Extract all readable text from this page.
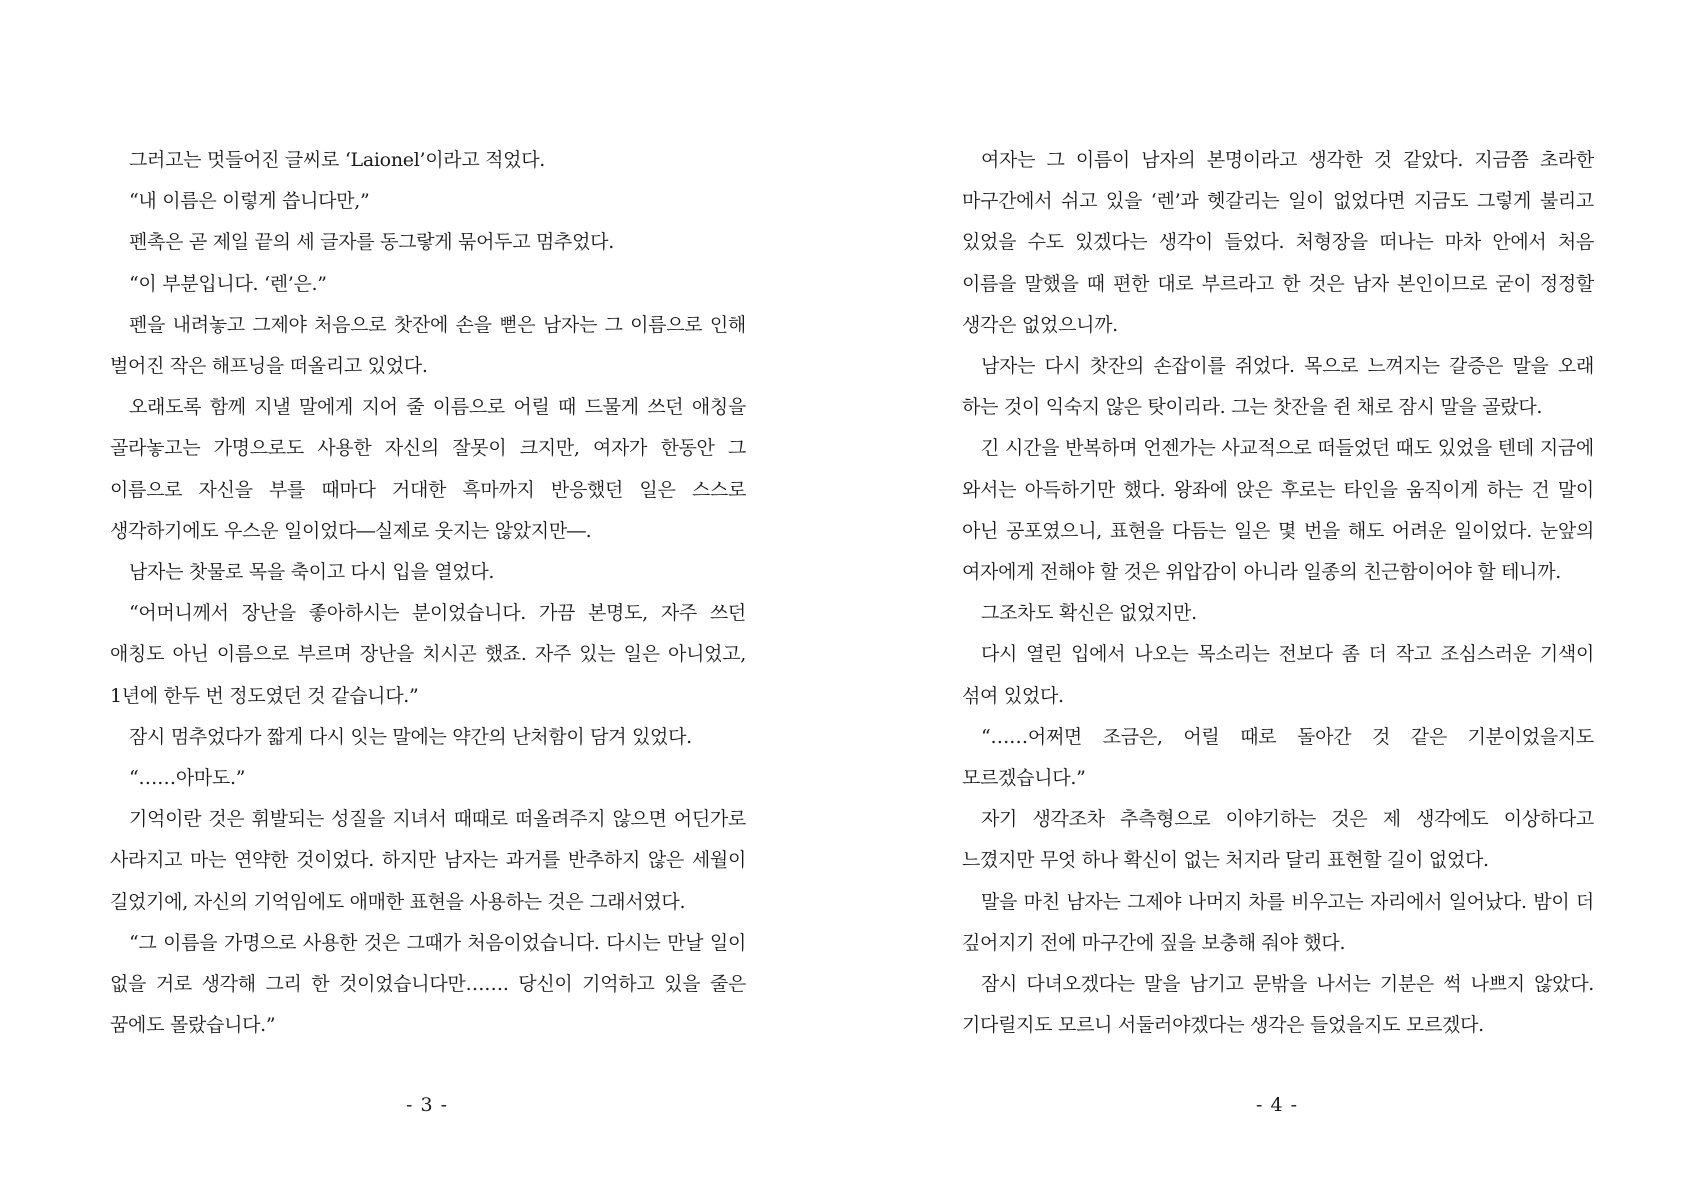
그러고는 멋들어진 글씨로 ‘Laionel’이라고 적었다.

“내 이름은 이렇게 씁니다만,”

펜촉은 곧 제일 끝의 세 글자를 동그랗게 묶어두고 멈추었다.

“이 부분입니다. ‘렌’은.”

펜을 내려놓고 그제야 처음으로 찻잔에 손을 뻗은 남자는 그 이름으로 인해 벌어진 작은 해프닝을 떠올리고 있었다.

오래도록 함께 지낼 말에게 지어 줄 이름으로 어릴 때 드물게 쓰던 애칭을 골라놓고는 가명으로도 사용한 자신의 잘못이 크지만, 여자가 한동안 그 이름으로 자신을 부를 때마다 거대한 흑마까지 반응했던 일은 스스로 생각하기에도 우스운 일이었다―실제로 웃지는 않았지만―.

남자는 찻물로 목을 축이고 다시 입을 열었다.

“어머니께서 장난을 좋아하시는 분이었습니다. 가끔 본명도, 자주 쓰던 애칭도 아닌 이름으로 부르며 장난을 치시곤 했죠. 자주 있는 일은 아니었고, 1년에 한두 번 정도였던 것 같습니다.”

잠시 멈추었다가 짧게 다시 잇는 말에는 약간의 난처함이 담겨 있었다.

“……아마도.”

기억이란 것은 휘발되는 성질을 지녀서 때때로 떠올려주지 않으면 어딘가로 사라지고 마는 연약한 것이었다. 하지만 남자는 과거를 반추하지 않은 세월이 길었기에, 자신의 기억임에도 애매한 표현을 사용하는 것은 그래서였다.

“그 이름을 가명으로 사용한 것은 그때가 처음이었습니다. 다시는 만날 일이 없을 거로 생각해 그리 한 것이었습니다만……. 당신이 기억하고 있을 줄은 꿈에도 몰랐습니다.”

- 3 -

여자는 그 이름이 남자의 본명이라고 생각한 것 같았다. 지금쯤 초라한 마구간에서 쉬고 있을 ‘렌’과 헷갈리는 일이 없었다면 지금도 그렇게 불리고 있었을 수도 있겠다는 생각이 들었다. 처형장을 떠나는 마차 안에서 처음 이름을 말했을 때 편한 대로 부르라고 한 것은 남자 본인이므로 굳이 정정할 생각은 없었으니까.

남자는 다시 찻잔의 손잡이를 쥐었다. 목으로 느껴지는 갈증은 말을 오래 하는 것이 익숙지 않은 탓이리라. 그는 찻잔을 쥔 채로 잠시 말을 골랐다.

긴 시간을 반복하며 언젠가는 사교적으로 떠들었던 때도 있었을 텐데 지금에 와서는 아득하기만 했다. 왕좌에 앉은 후로는 타인을 움직이게 하는 건 말이 아닌 공포였으니, 표현을 다듬는 일은 몇 번을 해도 어려운 일이었다. 눈앞의 여자에게 전해야 할 것은 위압감이 아니라 일종의 친근함이어야 할 테니까.

그조차도 확신은 없었지만.

다시 열린 입에서 나오는 목소리는 전보다 좀 더 작고 조심스러운 기색이 섞여 있었다.

“……어쩌면 조금은, 어릴 때로 돌아간 것 같은 기분이었을지도 모르겠습니다.”

자기 생각조차 추측형으로 이야기하는 것은 제 생각에도 이상하다고 느꼈지만 무엇 하나 확신이 없는 처지라 달리 표현할 길이 없었다.

말을 마친 남자는 그제야 나머지 차를 비우고는 자리에서 일어났다. 밤이 더 깊어지기 전에 마구간에 짚을 보충해 줘야 했다.

잠시 다녀오겠다는 말을 남기고 문밖을 나서는 기분은 썩 나쁘지 않았다. 기다릴지도 모르니 서둘러야겠다는 생각은 들었을지도 모르겠다.

- 4 -
